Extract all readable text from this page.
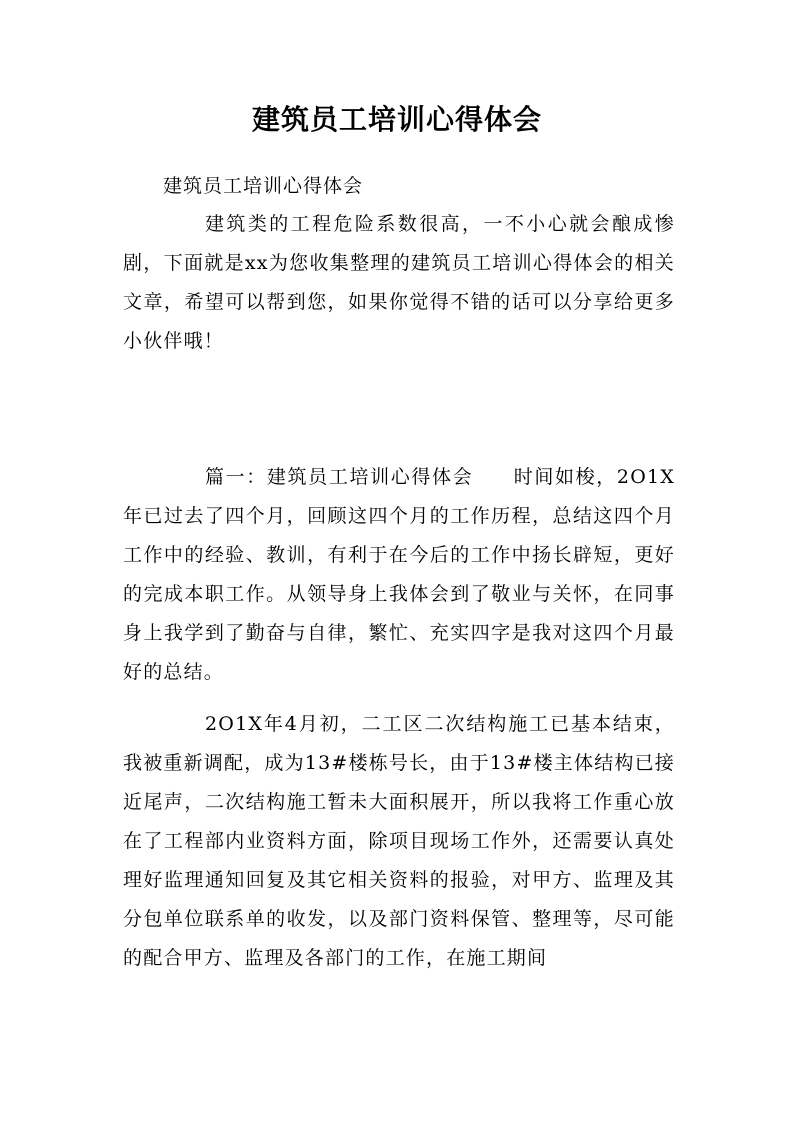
建筑员工培训心得体会
建筑员工培训心得体会

建筑类的工程危险系数很高，一不小心就会酿成惨剧，下面就是xx为您收集整理的建筑员工培训心得体会的相关文章，希望可以帮到您，如果你觉得不错的话可以分享给更多小伙伴哦！

篇一：建筑员工培训心得体会 时间如梭，2O1X年已过去了四个月，回顾这四个月的工作历程，总结这四个月工作中的经验、教训，有利于在今后的工作中扬长辟短，更好的完成本职工作。从领导身上我体会到了敬业与关怀，在同事身上我学到了勤奋与自律，繁忙、充实四字是我对这四个月最好的总结。

2O1X年4月初，二工区二次结构施工已基本结束，我被重新调配，成为13#楼栋号长，由于13#楼主体结构已接近尾声，二次结构施工暂未大面积展开，所以我将工作重心放在了工程部内业资料方面，除项目现场工作外，还需要认真处理好监理通知回复及其它相关资料的报验，对甲方、监理及其分包单位联系单的收发，以及部门资料保管、整理等，尽可能的配合甲方、监理及各部门的工作，在施工期间
